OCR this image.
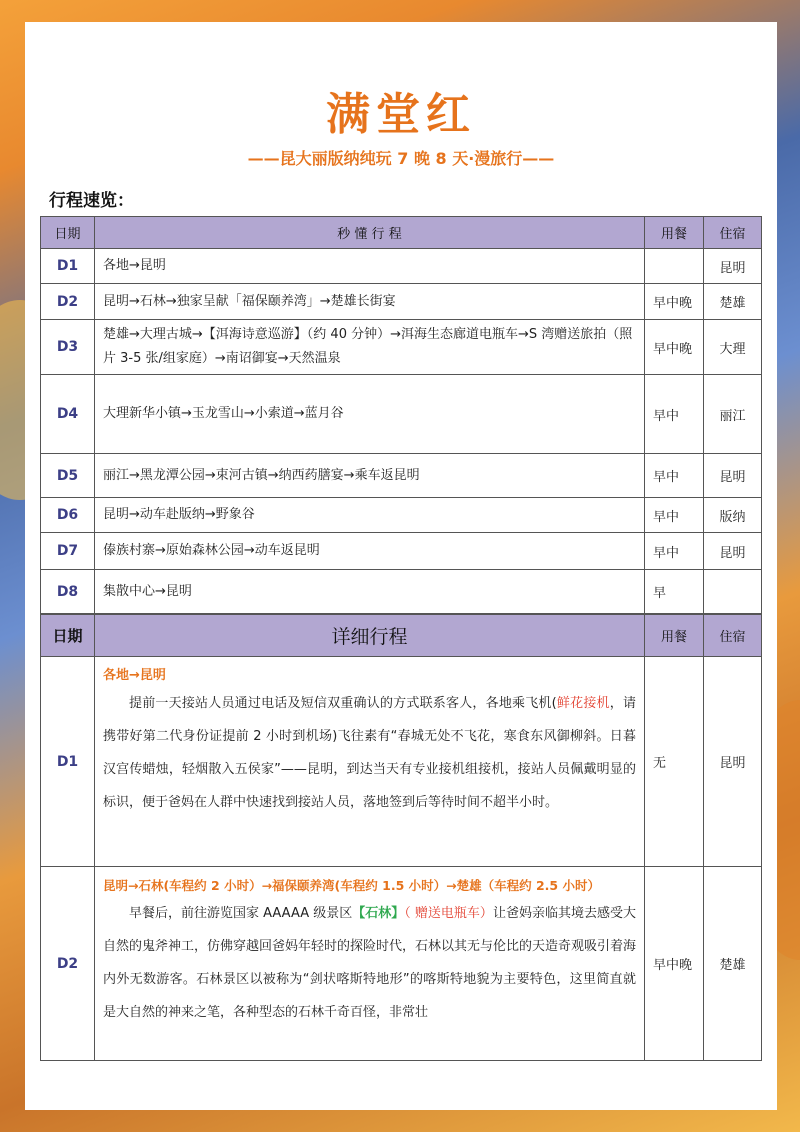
满堂红
——昆大丽版纳纯玩 7 晚 8 天·漫旅行——
行程速览：
日期	秒 懂 行 程	用餐	住宿
D1	各地→昆明		昆明
D2	昆明→石林→独家呈献「福保颐养湾」→楚雄长街宴	早中晚	楚雄
D3	楚雄→大理古城→【洱海诗意巡游】（约 40 分钟）→洱海生态廊道电瓶车→S 湾赠送旅拍（照片 3-5 张/组家庭）→南诏御宴→天然温泉	早中晚	大理
D4	大理新华小镇→玉龙雪山→小索道→蓝月谷	早中	丽江
D5	丽江→黑龙潭公园→束河古镇→纳西药膳宴→乘车返昆明	早中	昆明
D6	昆明→动车赴版纳→野象谷	早中	版纳
D7	傣族村寨→原始森林公园→动车返昆明	早中	昆明
D8	集散中心→昆明	早	
日期	详细行程	用餐	住宿
D1	各地→昆明
提前一天接站人员通过电话及短信双重确认的方式联系客人，各地乘飞机(鲜花接机，请携带好第二代身份证提前 2 小时到机场)飞往素有“春城无处不飞花，寒食东风御柳斜。日暮汉宫传蜡烛，轻烟散入五侯家”——昆明，到达当天有专业接机组接机，接站人员佩戴明显的标识，便于爸妈在人群中快速找到接站人员，落地签到后等待时间不超半小时。	无	昆明
D2	昆明→石林(车程约 2 小时）→福保颐养湾(车程约 1.5 小时）→楚雄（车程约 2.5 小时）
早餐后，前往游览国家 AAAAA 级景区【石林】（ 赠送电瓶车）让爸妈亲临其境去感受大自然的鬼斧神工，仿佛穿越回爸妈年轻时的探险时代，石林以其无与伦比的天造奇观吸引着海内外无数游客。石林景区以被称为“剑状喀斯特地形”的喀斯特地貌为主要特色，这里简直就是大自然的神来之笔，各种型态的石林千奇百怪，非常壮	早中晚	楚雄
